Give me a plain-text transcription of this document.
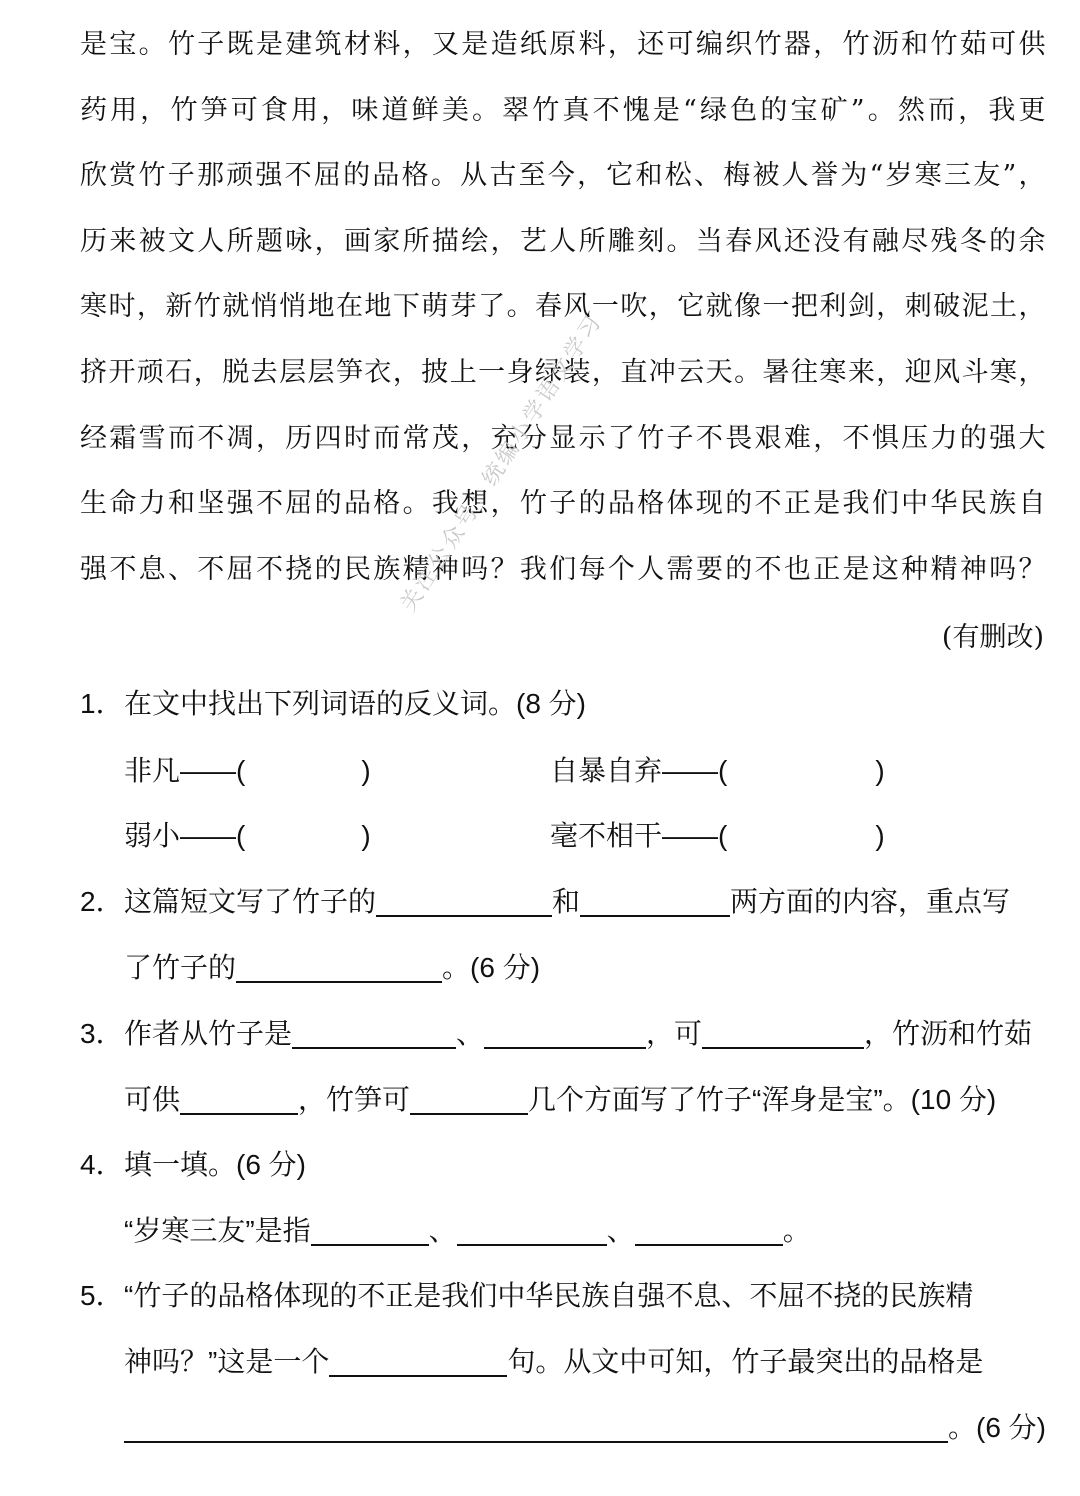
是宝。竹子既是建筑材料，又是造纸原料，还可编织竹器，竹沥和竹茹可供
药用，竹笋可食用，味道鲜美。翠竹真不愧是“绿色的宝矿”。然而，我更
欣赏竹子那顽强不屈的品格。从古至今，它和松、梅被人誉为“岁寒三友”，
历来被文人所题咏，画家所描绘，艺人所雕刻。当春风还没有融尽残冬的余
寒时，新竹就悄悄地在地下萌芽了。春风一吹，它就像一把利剑，刺破泥土，
挤开顽石，脱去层层笋衣，披上一身绿装，直冲云天。暑往寒来，迎风斗寒，
经霜雪而不凋，历四时而常茂，充分显示了竹子不畏艰难，不惧压力的强大
生命力和坚强不屈的品格。我想，竹子的品格体现的不正是我们中华民族自
强不息、不屈不挠的民族精神吗？我们每个人需要的不也正是这种精神吗？
(有删改)
关注公众号：统编小学语文学习
1． 在文中找出下列词语的反义词。(8 分)
非凡——(	)	自暴自弃——(	)
弱小——(	)	毫不相干——(	)
2． 这篇短文写了竹子的	和	两方面的内容，重点写
了竹子的	。(6 分)
3． 作者从竹子是	、	，可	，竹沥和竹茹
可供	，竹笋可	几个方面写了竹子“浑身是宝”。(10 分)
4． 填一填。(6 分)
“岁寒三友”是指	、	、	。
5． “竹子的品格体现的不正是我们中华民族自强不息、不屈不挠的民族精
神吗？”这是一个	句。从文中可知，竹子最突出的品格是
。(6 分)
